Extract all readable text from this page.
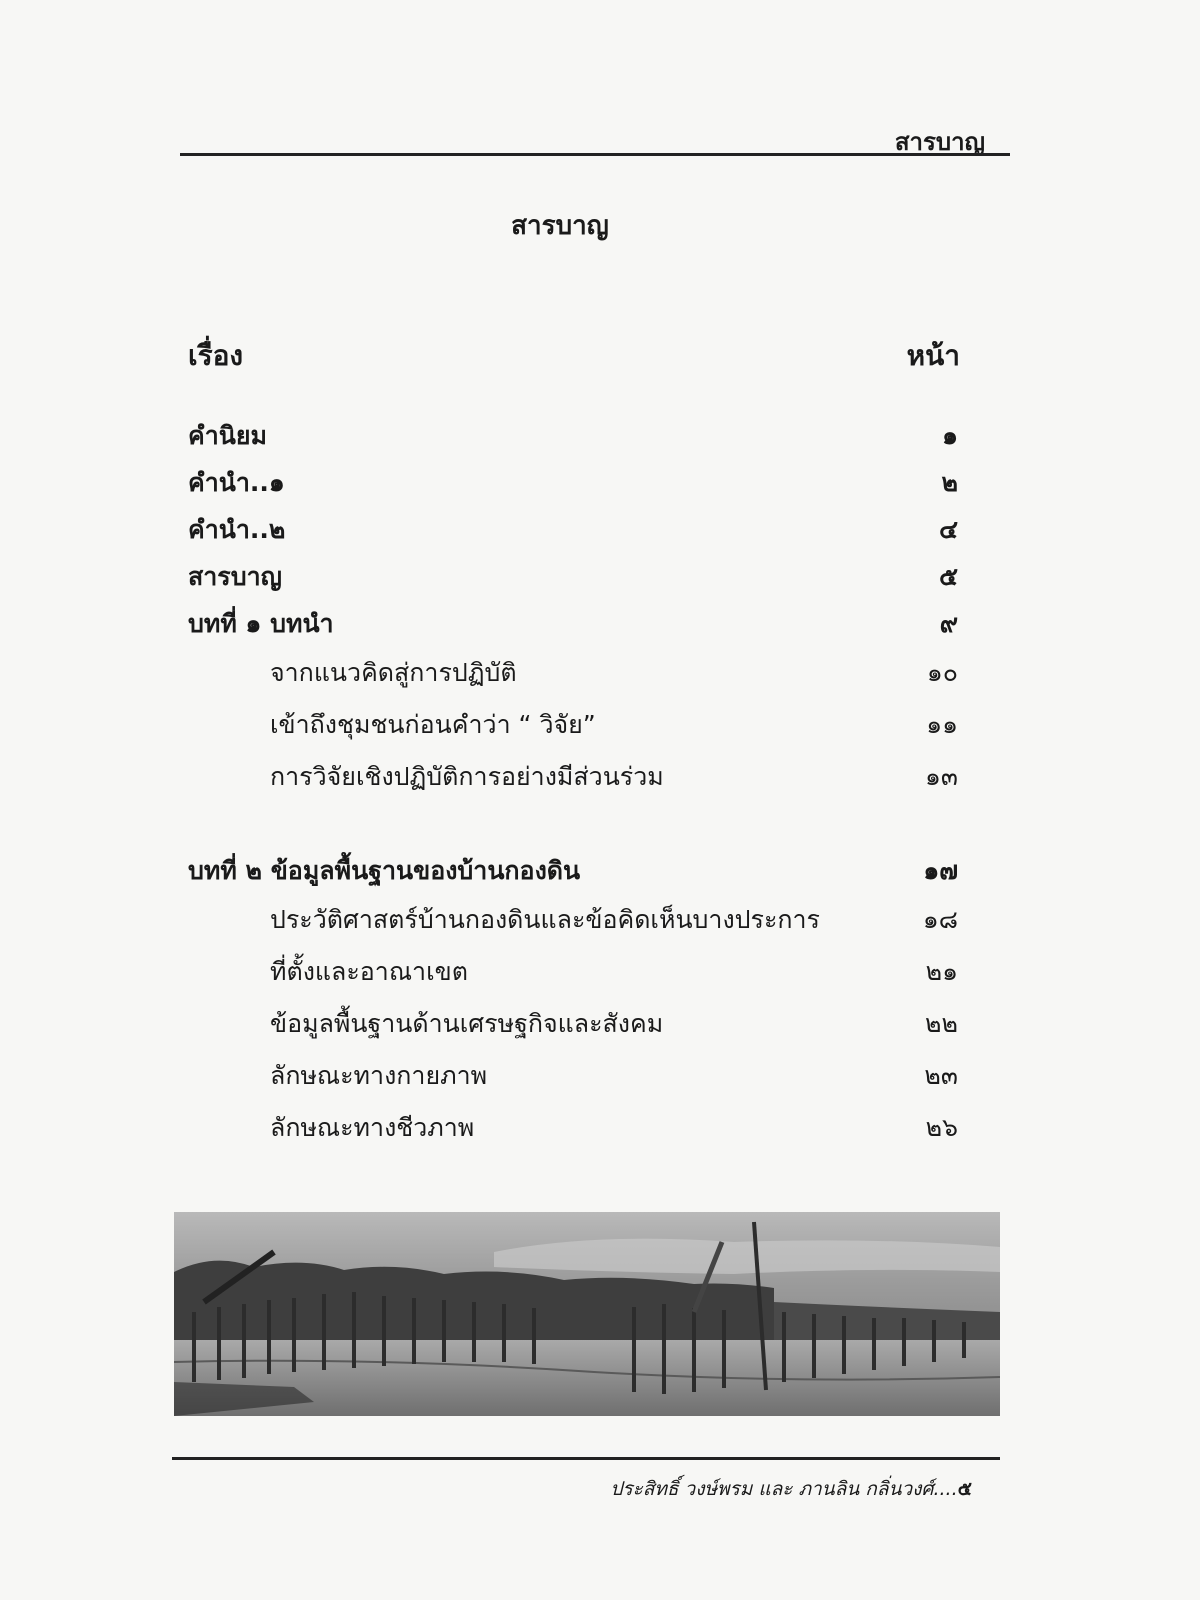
สารบาญ
สารบาญ
เรื่อง	หน้า
คำนิยม	๑
คำนำ..๑	๒
คำนำ..๒	๔
สารบาญ	๕
บทที่ ๑ บทนำ	๙
จากแนวคิดสู่การปฏิบัติ	๑๐
เข้าถึงชุมชนก่อนคำว่า “ วิจัย”	๑๑
การวิจัยเชิงปฏิบัติการอย่างมีส่วนร่วม	๑๓
บทที่ ๒ ข้อมูลพื้นฐานของบ้านกองดิน	๑๗
ประวัติศาสตร์บ้านกองดินและข้อคิดเห็นบางประการ	๑๘
ที่ตั้งและอาณาเขต	๒๑
ข้อมูลพื้นฐานด้านเศรษฐกิจและสังคม	๒๒
ลักษณะทางกายภาพ	๒๓
ลักษณะทางชีวภาพ	๒๖
ประสิทธิ์ วงษ์พรม และ ภานลิน กลิ่นวงศ์....๕
